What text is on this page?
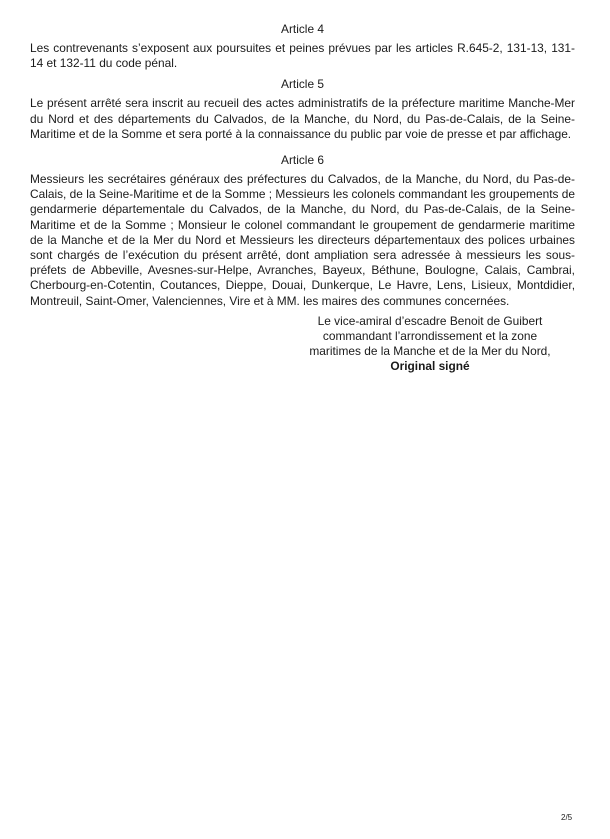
Article 4

Les contrevenants s’exposent aux poursuites et peines prévues par les articles R.645-2, 131-13, 131-14 et 132-11 du code pénal.

Article 5

Le présent arrêté sera inscrit au recueil des actes administratifs de la préfecture maritime Manche-Mer du Nord et des départements du Calvados, de la Manche, du Nord, du Pas-de-Calais, de la Seine-Maritime et de la Somme et sera porté à la connaissance du public par voie de presse et par affichage.

Article 6

Messieurs les secrétaires généraux des préfectures du Calvados, de la Manche, du Nord, du Pas-de-Calais, de la Seine-Maritime et de la Somme ; Messieurs les colonels commandant les groupements de gendarmerie départementale du Calvados, de la Manche, du Nord, du Pas-de-Calais, de la Seine-Maritime et de la Somme ; Monsieur le colonel commandant le groupement de gendarmerie maritime de la Manche et de la Mer du Nord et Messieurs les directeurs départementaux des polices urbaines sont chargés de l’exécution du présent arrêté, dont ampliation sera adressée à messieurs les sous-préfets de Abbeville, Avesnes-sur-Helpe, Avranches, Bayeux, Béthune, Boulogne, Calais, Cambrai, Cherbourg-en-Cotentin, Coutances, Dieppe, Douai, Dunkerque, Le Havre, Lens, Lisieux, Montdidier, Montreuil, Saint-Omer, Valenciennes, Vire et à MM. les maires des communes concernées.

Le vice-amiral d’escadre Benoit de Guibert
commandant l’arrondissement et la zone
maritimes de la Manche et de la Mer du Nord,
Original signé
2/5
